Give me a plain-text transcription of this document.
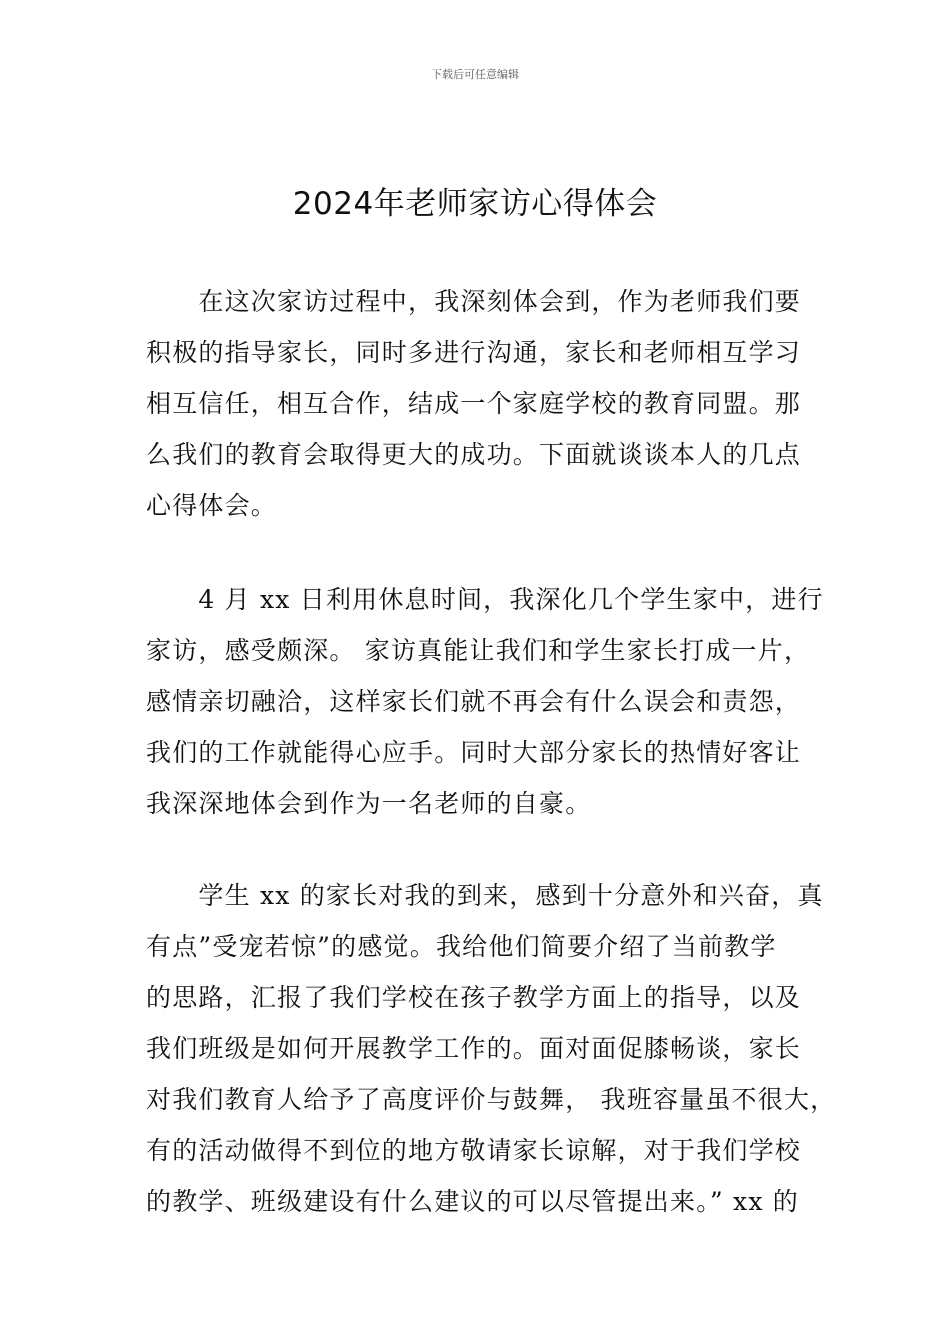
下载后可任意编辑
2024年老师家访心得体会
　　在这次家访过程中，我深刻体会到，作为老师我们要
积极的指导家长，同时多进行沟通，家长和老师相互学习
相互信任，相互合作，结成一个家庭学校的教育同盟。那
么我们的教育会取得更大的成功。下面就谈谈本人的几点
心得体会。
　　4 月 xx 日利用休息时间，我深化几个学生家中，进行
家访，感受颇深。 家访真能让我们和学生家长打成一片，
感情亲切融洽，这样家长们就不再会有什么误会和责怨，
我们的工作就能得心应手。同时大部分家长的热情好客让
我深深地体会到作为一名老师的自豪。
　　学生 xx 的家长对我的到来，感到十分意外和兴奋，真
有点”受宠若惊”的感觉。我给他们简要介绍了当前教学
的思路，汇报了我们学校在孩子教学方面上的指导，以及
我们班级是如何开展教学工作的。面对面促膝畅谈，家长
对我们教育人给予了高度评价与鼓舞， 我班容量虽不很大，
有的活动做得不到位的地方敬请家长谅解，对于我们学校
的教学、班级建设有什么建议的可以尽管提出来。” xx 的
